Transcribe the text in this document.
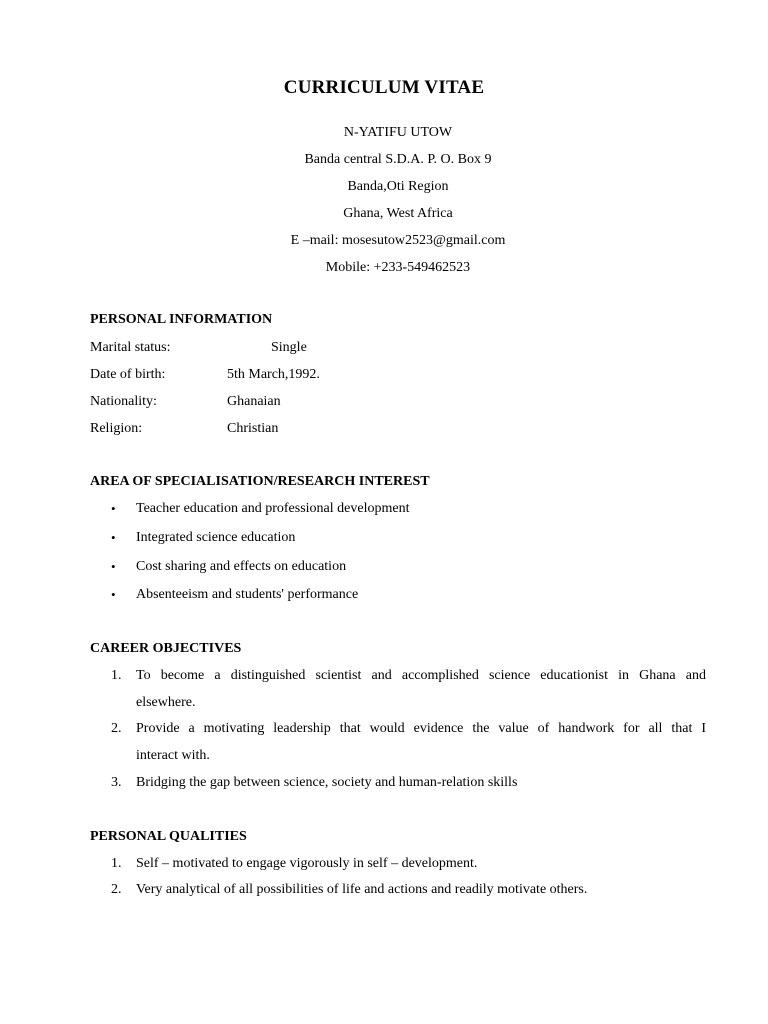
CURRICULUM VITAE
N-YATIFU UTOW
Banda central S.D.A. P. O. Box 9
Banda,Oti Region
Ghana, West Africa
E –mail: mosesutow2523@gmail.com
Mobile: +233-549462523
PERSONAL INFORMATION
Marital status:	Single
Date of birth:	5th March,1992.
Nationality:	Ghanaian
Religion:	Christian
AREA OF SPECIALISATION/RESEARCH INTEREST
• Teacher education and professional development
• Integrated science education
• Cost sharing and effects on education
• Absenteeism and students' performance
CAREER OBJECTIVES
1. To become a distinguished scientist and accomplished science educationist in Ghana and
elsewhere.
2. Provide a motivating leadership that would evidence the value of handwork for all that I
interact with.
3. Bridging the gap between science, society and human-relation skills
PERSONAL QUALITIES
1. Self – motivated to engage vigorously in self – development.
2. Very analytical of all possibilities of life and actions and readily motivate others.
